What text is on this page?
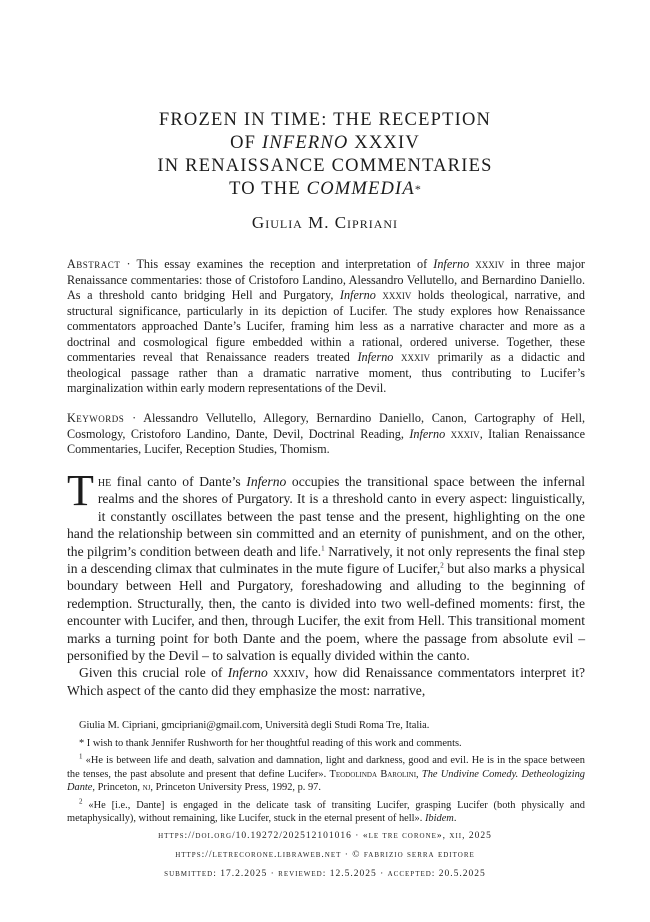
FROZEN IN TIME: THE RECEPTION
OF INFERNO XXXIV
IN RENAISSANCE COMMENTARIES
TO THE COMMEDIA*
Giulia M. Cipriani
Abstract · This essay examines the reception and interpretation of Inferno xxxiv in three major Renaissance commentaries: those of Cristoforo Landino, Alessandro Vellutello, and Bernardino Daniello. As a threshold canto bridging Hell and Purgatory, Inferno xxxiv holds theological, narrative, and structural significance, particularly in its depiction of Lucifer. The study explores how Renaissance commentators approached Dante’s Lucifer, framing him less as a narrative character and more as a doctrinal and cosmological figure embedded within a rational, ordered universe. Together, these commentaries reveal that Renaissance readers treated Inferno xxxiv primarily as a didactic and theological passage rather than a dramatic narrative moment, thus contributing to Lucifer’s marginalization within early modern representations of the Devil.
Keywords · Alessandro Vellutello, Allegory, Bernardino Daniello, Canon, Cartography of Hell, Cosmology, Cristoforo Landino, Dante, Devil, Doctrinal Reading, Inferno xxxiv, Italian Renaissance Commentaries, Lucifer, Reception Studies, Thomism.

The final canto of Dante’s Inferno occupies the transitional space between the infernal realms and the shores of Purgatory. It is a threshold canto in every aspect: linguistically, it constantly oscillates between the past tense and the present, highlighting on the one hand the relationship between sin committed and an eternity of punishment, and on the other, the pilgrim’s condition between death and life.$^1$ Narratively, it not only represents the final step in a descending climax that culminates in the mute figure of Lucifer,$^2$ but also marks a physical boundary between Hell and Purgatory, foreshadowing and alluding to the beginning of redemption. Structurally, then, the canto is divided into two well-defined moments: first, the encounter with Lucifer, and then, through Lucifer, the exit from Hell. This transitional moment marks a turning point for both Dante and the poem, where the passage from absolute evil – personified by the Devil – to salvation is equally divided within the canto.

Given this crucial role of Inferno xxxiv, how did Renaissance commentators interpret it? Which aspect of the canto did they emphasize the most: narrative,

Giulia M. Cipriani, gmcipriani@gmail.com, Università degli Studi Roma Tre, Italia.

* I wish to thank Jennifer Rushworth for her thoughtful reading of this work and comments.

$^1$ «He is between life and death, salvation and damnation, light and darkness, good and evil. He is in the space between the tenses, the past absolute and present that define Lucifer». Teodolinda Barolini, The Undivine Comedy. Detheologizing Dante, Princeton, nj, Princeton University Press, 1992, p. 97.

$^2$ «He [i.e., Dante] is engaged in the delicate task of transiting Lucifer, grasping Lucifer (both physically and metaphysically), without remaining, like Lucifer, stuck in the eternal present of hell». Ibidem.

https://doi.org/10.19272/202512101016 · «le tre corone», xii, 2025
https://letrecorone.libraweb.net · © fabrizio serra editore
submitted: 17.2.2025 · reviewed: 12.5.2025 · accepted: 20.5.2025
